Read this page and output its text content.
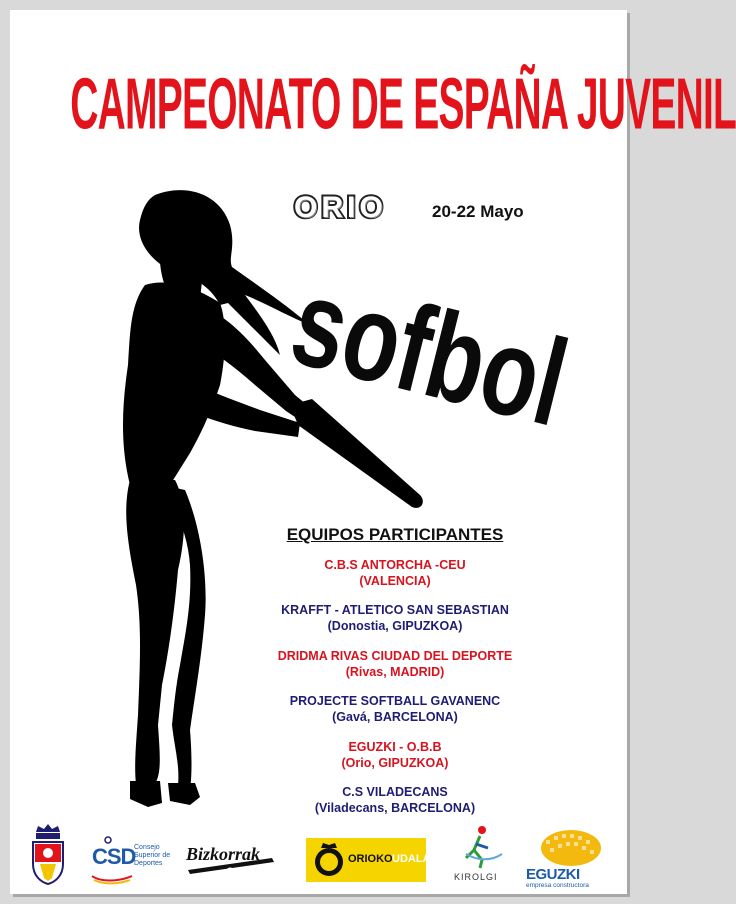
CAMPEONATO DE ESPAÑA JUVENIL
ORIO	20-22 Mayo
sofbol
EQUIPOS PARTICIPANTES
C.B.S ANTORCHA -CEU
(VALENCIA)
KRAFFT - ATLETICO SAN SEBASTIAN
(Donostia, GIPUZKOA)
DRIDMA RIVAS CIUDAD DEL DEPORTE
(Rivas, MADRID)
PROJECTE SOFTBALL GAVANENC
(Gavá, BARCELONA)
EGUZKI - O.B.B
(Orio, GIPUZKOA)
C.S VILADECANS
(Viladecans, BARCELONA)
CSD
Consejo
Superior de
Deportes Bizkorrak
Orio
ORIOKO UDALA
KIROLGI EGUZKI
empresa constructora
